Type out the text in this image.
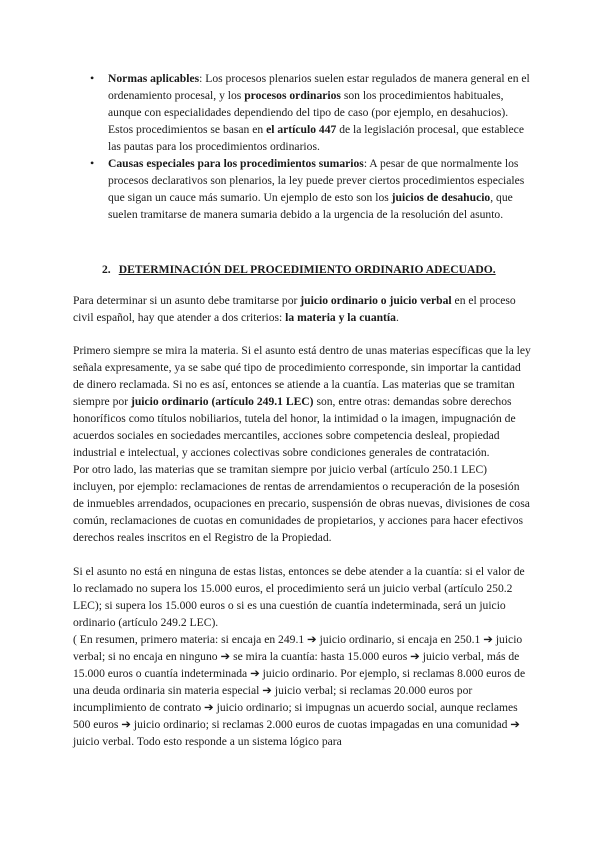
• Normas aplicables: Los procesos plenarios suelen estar regulados de manera general en el ordenamiento procesal, y los procesos ordinarios son los procedimientos habituales, aunque con especialidades dependiendo del tipo de caso (por ejemplo, en desahucios). Estos procedimientos se basan en el artículo 447 de la legislación procesal, que establece las pautas para los procedimientos ordinarios.
• Causas especiales para los procedimientos sumarios: A pesar de que normalmente los procesos declarativos son plenarios, la ley puede prever ciertos procedimientos especiales que sigan un cauce más sumario. Un ejemplo de esto son los juicios de desahucio, que suelen tramitarse de manera sumaria debido a la urgencia de la resolución del asunto.
2. DETERMINACIÓN DEL PROCEDIMIENTO ORDINARIO ADECUADO.

Para determinar si un asunto debe tramitarse por juicio ordinario o juicio verbal en el proceso civil español, hay que atender a dos criterios: la materia y la cuantía.

Primero siempre se mira la materia. Si el asunto está dentro de unas materias específicas que la ley señala expresamente, ya se sabe qué tipo de procedimiento corresponde, sin importar la cantidad de dinero reclamada. Si no es así, entonces se atiende a la cuantía. Las materias que se tramitan siempre por juicio ordinario (artículo 249.1 LEC) son, entre otras: demandas sobre derechos honoríficos como títulos nobiliarios, tutela del honor, la intimidad o la imagen, impugnación de acuerdos sociales en sociedades mercantiles, acciones sobre competencia desleal, propiedad industrial e intelectual, y acciones colectivas sobre condiciones generales de contratación.
Por otro lado, las materias que se tramitan siempre por juicio verbal (artículo 250.1 LEC) incluyen, por ejemplo: reclamaciones de rentas de arrendamientos o recuperación de la posesión de inmuebles arrendados, ocupaciones en precario, suspensión de obras nuevas, divisiones de cosa común, reclamaciones de cuotas en comunidades de propietarios, y acciones para hacer efectivos derechos reales inscritos en el Registro de la Propiedad.

Si el asunto no está en ninguna de estas listas, entonces se debe atender a la cuantía: si el valor de lo reclamado no supera los 15.000 euros, el procedimiento será un juicio verbal (artículo 250.2 LEC); si supera los 15.000 euros o si es una cuestión de cuantía indeterminada, será un juicio ordinario (artículo 249.2 LEC).

( En resumen, primero materia: si encaja en 249.1 ➔ juicio ordinario, si encaja en 250.1 ➔ juicio verbal; si no encaja en ninguno ➔ se mira la cuantía: hasta 15.000 euros ➔ juicio verbal, más de 15.000 euros o cuantía indeterminada ➔ juicio ordinario. Por ejemplo, si reclamas 8.000 euros de una deuda ordinaria sin materia especial ➔ juicio verbal; si reclamas 20.000 euros por incumplimiento de contrato ➔ juicio ordinario; si impugnas un acuerdo social, aunque reclames 500 euros ➔ juicio ordinario; si reclamas 2.000 euros de cuotas impagadas en una comunidad ➔ juicio verbal. Todo esto responde a un sistema lógico para
